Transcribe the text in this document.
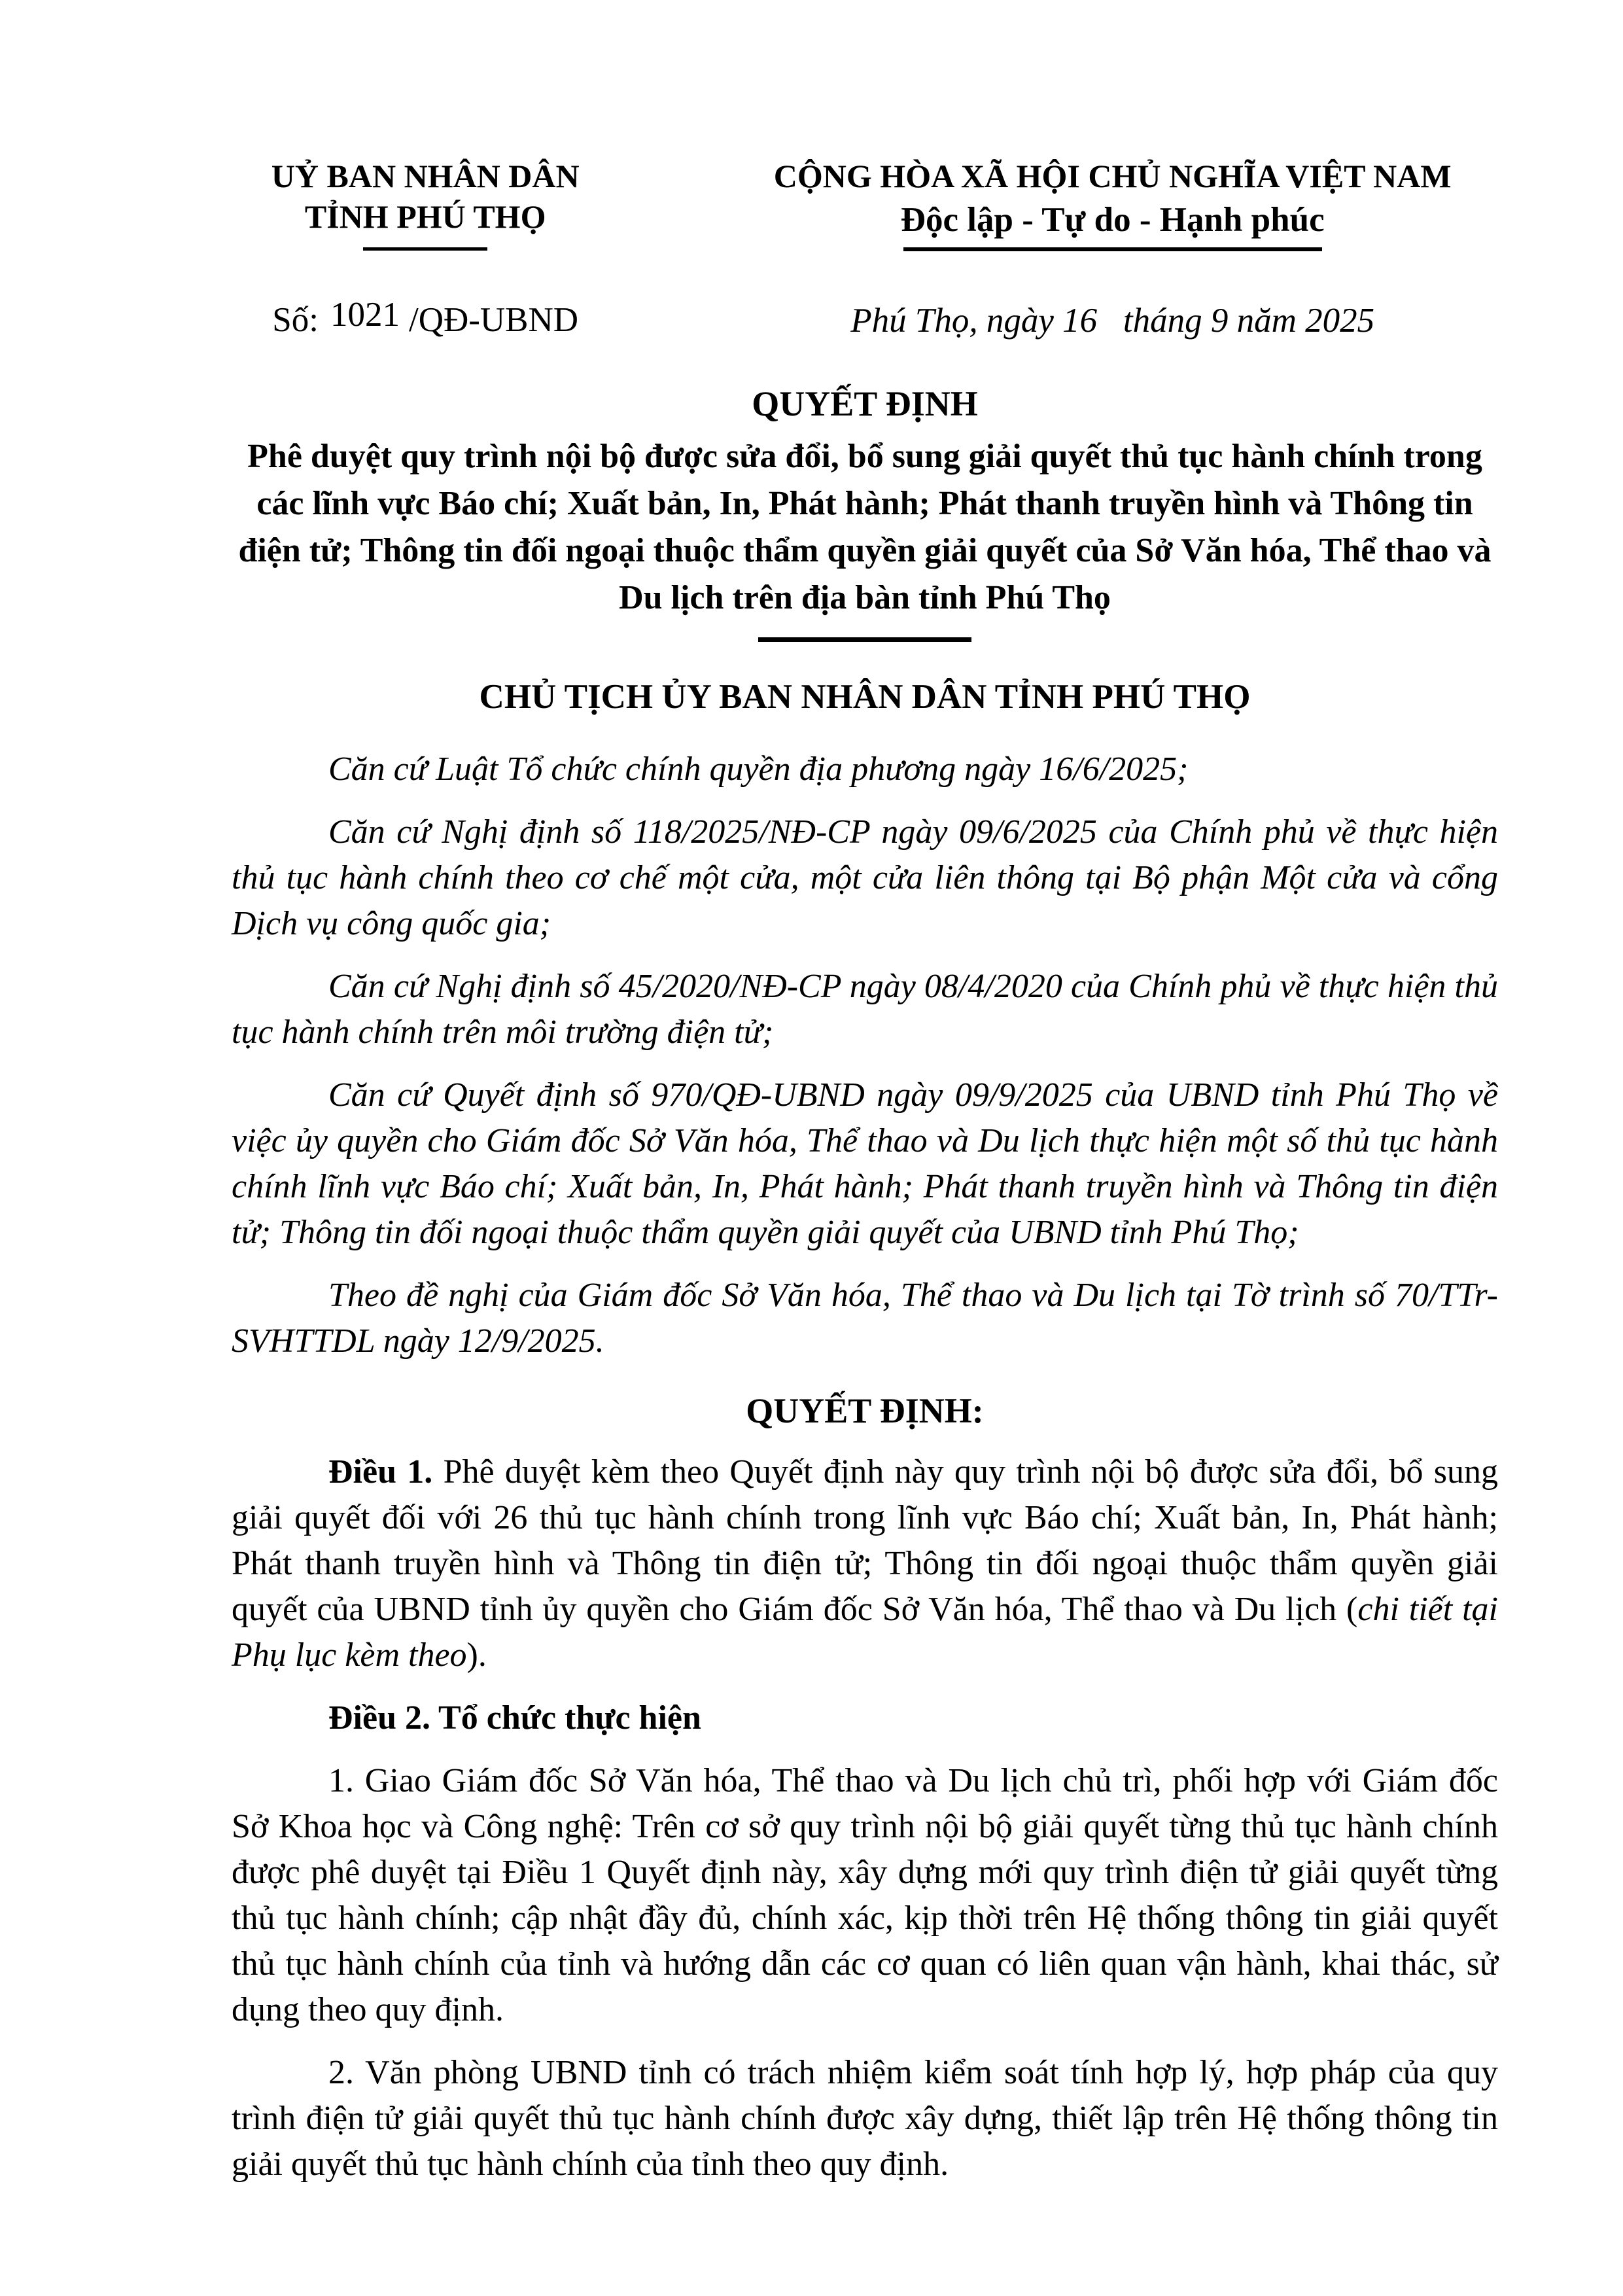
UỶ BAN NHÂN DÂN
TỈNH PHÚ THỌ
Số: 1021 /QĐ-UBND
CỘNG HÒA XÃ HỘI CHỦ NGHĨA VIỆT NAM
Độc lập - Tự do - Hạnh phúc
Phú Thọ, ngày 16   tháng 9 năm 2025
QUYẾT ĐỊNH
Phê duyệt quy trình nội bộ được sửa đổi, bổ sung giải quyết thủ tục hành chính trong các lĩnh vực Báo chí; Xuất bản, In, Phát hành; Phát thanh truyền hình và Thông tin điện tử; Thông tin đối ngoại thuộc thẩm quyền giải quyết của Sở Văn hóa, Thể thao và Du lịch trên địa bàn tỉnh Phú Thọ
CHỦ TỊCH ỦY BAN NHÂN DÂN TỈNH PHÚ THỌ

Căn cứ Luật Tổ chức chính quyền địa phương ngày 16/6/2025;

Căn cứ Nghị định số 118/2025/NĐ-CP ngày 09/6/2025 của Chính phủ về thực hiện thủ tục hành chính theo cơ chế một cửa, một cửa liên thông tại Bộ phận Một cửa và cổng Dịch vụ công quốc gia;

Căn cứ Nghị định số 45/2020/NĐ-CP ngày 08/4/2020 của Chính phủ về thực hiện thủ tục hành chính trên môi trường điện tử;

Căn cứ Quyết định số 970/QĐ-UBND ngày 09/9/2025 của UBND tỉnh Phú Thọ về việc ủy quyền cho Giám đốc Sở Văn hóa, Thể thao và Du lịch thực hiện một số thủ tục hành chính lĩnh vực Báo chí; Xuất bản, In, Phát hành; Phát thanh truyền hình và Thông tin điện tử; Thông tin đối ngoại thuộc thẩm quyền giải quyết của UBND tỉnh Phú Thọ;

Theo đề nghị của Giám đốc Sở Văn hóa, Thể thao và Du lịch tại Tờ trình số 70/TTr-SVHTTDL ngày 12/9/2025.

QUYẾT ĐỊNH:

Điều 1. Phê duyệt kèm theo Quyết định này quy trình nội bộ được sửa đổi, bổ sung giải quyết đối với 26 thủ tục hành chính trong lĩnh vực Báo chí; Xuất bản, In, Phát hành; Phát thanh truyền hình và Thông tin điện tử; Thông tin đối ngoại thuộc thẩm quyền giải quyết của UBND tỉnh ủy quyền cho Giám đốc Sở Văn hóa, Thể thao và Du lịch (chi tiết tại Phụ lục kèm theo).

Điều 2. Tổ chức thực hiện

1. Giao Giám đốc Sở Văn hóa, Thể thao và Du lịch chủ trì, phối hợp với Giám đốc Sở Khoa học và Công nghệ: Trên cơ sở quy trình nội bộ giải quyết từng thủ tục hành chính được phê duyệt tại Điều 1 Quyết định này, xây dựng mới quy trình điện tử giải quyết từng thủ tục hành chính; cập nhật đầy đủ, chính xác, kịp thời trên Hệ thống thông tin giải quyết thủ tục hành chính của tỉnh và hướng dẫn các cơ quan có liên quan vận hành, khai thác, sử dụng theo quy định.

2. Văn phòng UBND tỉnh có trách nhiệm kiểm soát tính hợp lý, hợp pháp của quy trình điện tử giải quyết thủ tục hành chính được xây dựng, thiết lập trên Hệ thống thông tin giải quyết thủ tục hành chính của tỉnh theo quy định.
